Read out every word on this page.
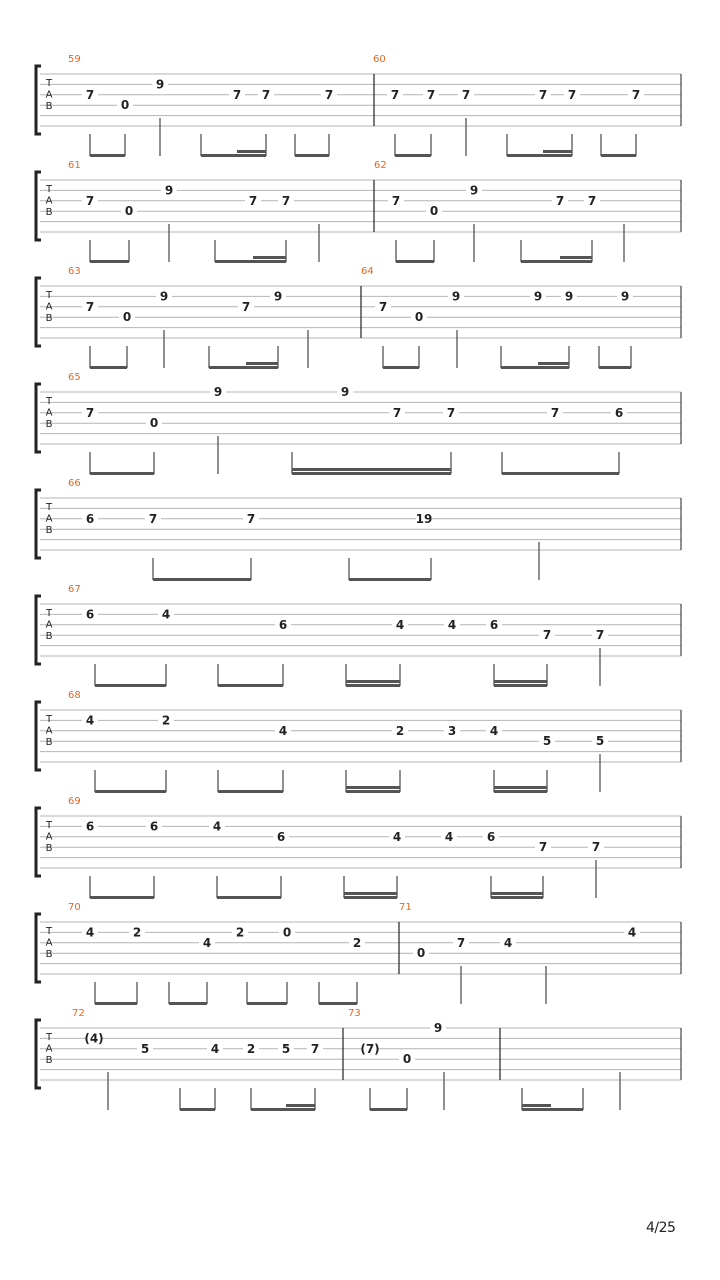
T
A
B
7
0
9
7 7	7	7 7 7	7 7	7
59	60
T
A
B
7
0
9
7 7	7
0
9
7 7
61	62
T
A
B
7
0
9
7
9
7
0
9	9 9	9
63	64
T
A
B
7
0
9	9
7	7	7	6
65
T
A
B
6	7	7	19
66
T
A
B
6	4
6	4	4	6
7	7
67
T
A
B
4	2
4	2	3	4
5	5
68
T
A
B
6	6	4
6	4	4	6
7	7
69
T
A
B
4	2
4
2	0
2
0
7	4
4
70	71
T
A
B
(4)
5	4 2 5 7	(7)
0
9
72	73
4/25
